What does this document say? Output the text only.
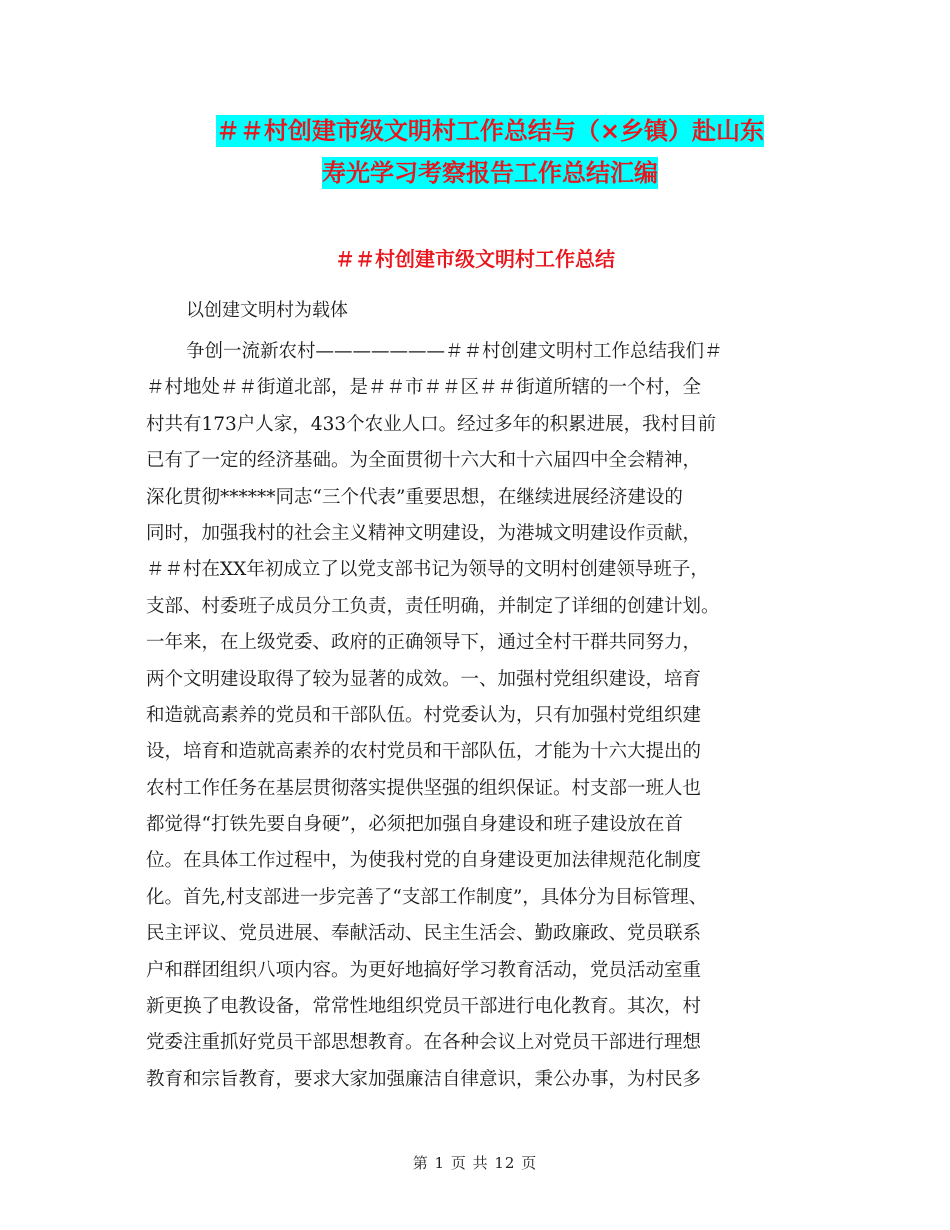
＃＃村创建市级文明村工作总结与（×乡镇）赴山东
寿光学习考察报告工作总结汇编
＃＃村创建市级文明村工作总结

以创建文明村为载体

争创一流新农村———————＃＃村创建文明村工作总结我们＃
＃村地处＃＃街道北部，是＃＃市＃＃区＃＃街道所辖的一个村，全
村共有173户人家，433个农业人口。经过多年的积累进展，我村目前
已有了一定的经济基础。为全面贯彻十六大和十六届四中全会精神，
深化贯彻******同志“三个代表”重要思想，在继续进展经济建设的
同时，加强我村的社会主义精神文明建设，为港城文明建设作贡献，
＃＃村在XX年初成立了以党支部书记为领导的文明村创建领导班子，
支部、村委班子成员分工负责，责任明确，并制定了详细的创建计划。
一年来，在上级党委、政府的正确领导下，通过全村干群共同努力，
两个文明建设取得了较为显著的成效。一、加强村党组织建设，培育
和造就高素养的党员和干部队伍。村党委认为，只有加强村党组织建
设，培育和造就高素养的农村党员和干部队伍，才能为十六大提出的
农村工作任务在基层贯彻落实提供坚强的组织保证。村支部一班人也
都觉得“打铁先要自身硬”，必须把加强自身建设和班子建设放在首
位。在具体工作过程中，为使我村党的自身建设更加法律规范化制度
化。首先,村支部进一步完善了“支部工作制度”，具体分为目标管理、
民主评议、党员进展、奉献活动、民主生活会、勤政廉政、党员联系
户和群团组织八项内容。为更好地搞好学习教育活动，党员活动室重
新更换了电教设备，常常性地组织党员干部进行电化教育。其次，村
党委注重抓好党员干部思想教育。在各种会议上对党员干部进行理想
教育和宗旨教育，要求大家加强廉洁自律意识，秉公办事，为村民多
第 1 页 共 12 页
